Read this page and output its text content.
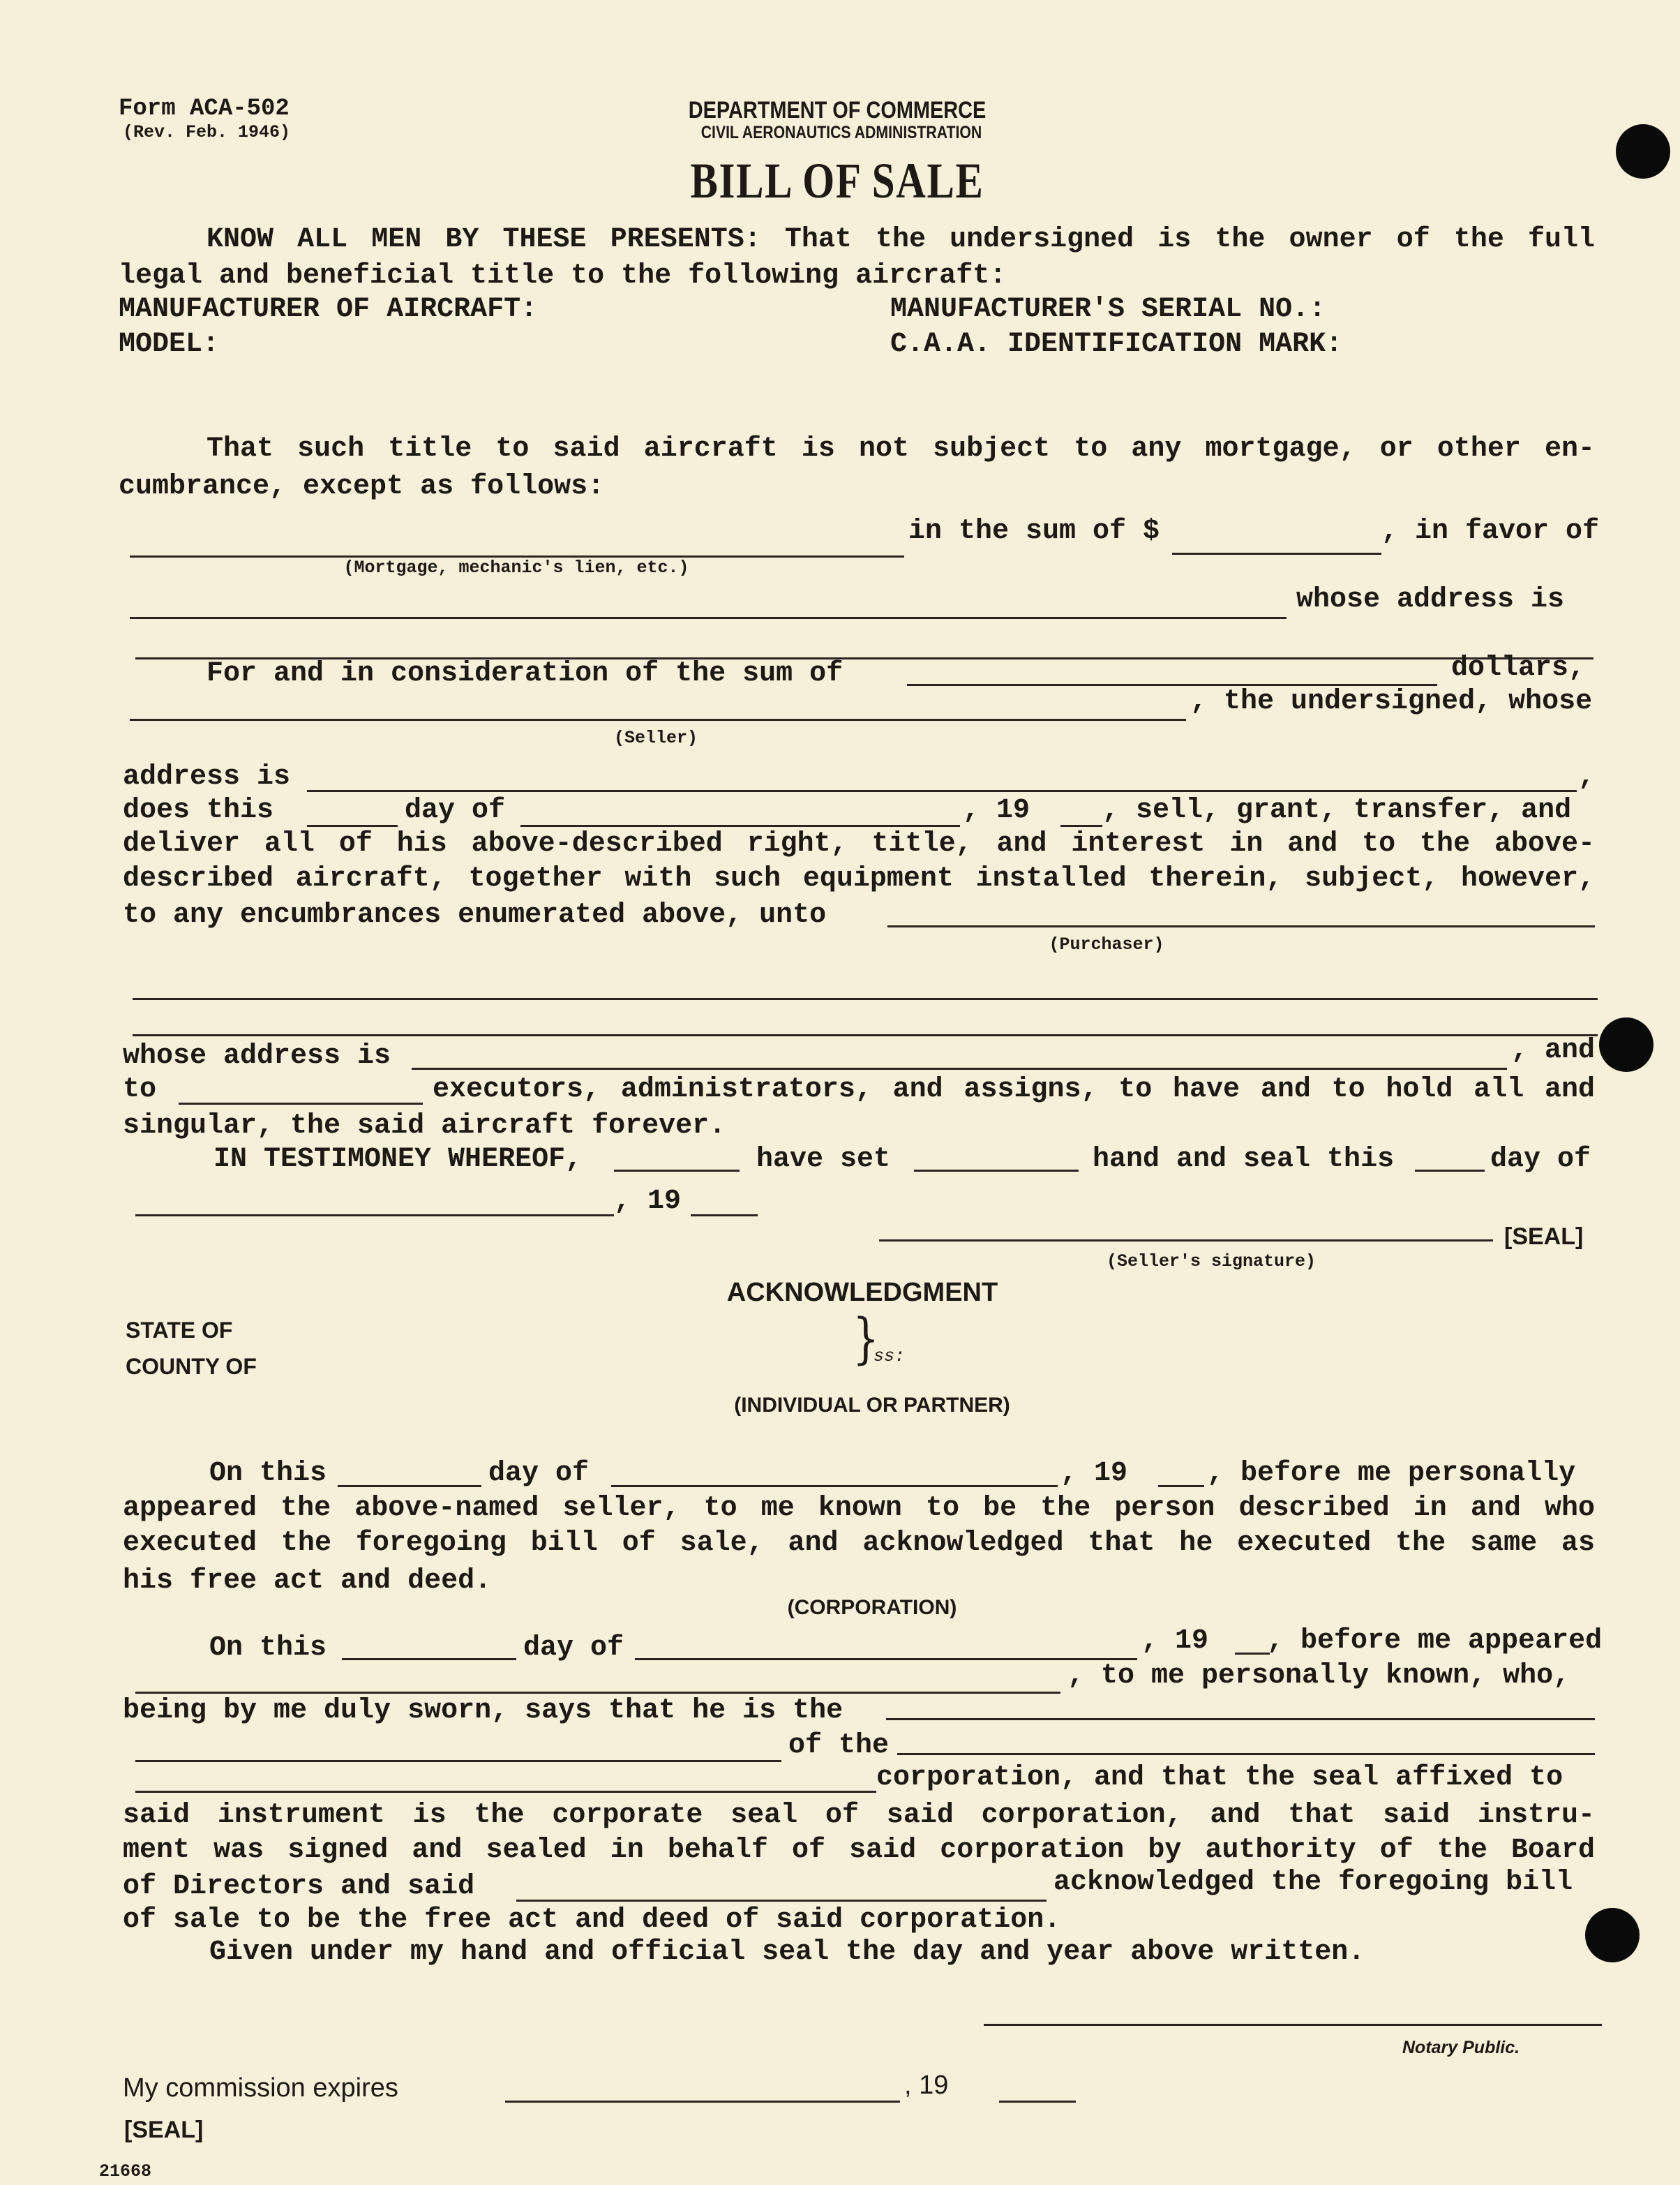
Form ACA-502
(Rev. Feb. 1946)
DEPARTMENT OF COMMERCE
CIVIL AERONAUTICS ADMINISTRATION
BILL OF SALE
KNOW ALL MEN BY THESE PRESENTS: That the undersigned is the owner of the full
legal and beneficial title to the following aircraft:
MANUFACTURER OF AIRCRAFT:	MANUFACTURER'S SERIAL NO.:
MODEL:	C.A.A. IDENTIFICATION MARK:
That such title to said aircraft is not subject to any mortgage, or other en-
cumbrance, except as follows:
in the sum of $	, in favor of
(Mortgage, mechanic's lien, etc.)
whose address is
For and in consideration of the sum of	dollars,
, the undersigned, whose
(Seller)
address is	,
does this	day of	, 19	, sell, grant, transfer, and
deliver all of his above-described right, title, and interest in and to the above-
described aircraft, together with such equipment installed therein, subject, however,
to any encumbrances enumerated above, unto
(Purchaser)
whose address is	, and
to	executors, administrators, and assigns, to have and to hold all and
singular, the said aircraft forever.
IN TESTIMONEY WHEREOF,	have set	hand and seal this	day of
, 19
[SEAL]
(Seller's signature)
ACKNOWLEDGMENT
STATE OF
COUNTY OF	}
ss:
(INDIVIDUAL OR PARTNER)
On this	day of	, 19	, before me personally
appeared the above-named seller, to me known to be the person described in and who
executed the foregoing bill of sale, and acknowledged that he executed the same as
his free act and deed.
(CORPORATION)
On this	day of	, 19 , before me appeared
, to me personally known, who,
being by me duly sworn, says that he is the
of the
corporation, and that the seal affixed to
said instrument is the corporate seal of said corporation, and that said instru-
ment was signed and sealed in behalf of said corporation by authority of the Board
of Directors and said	acknowledged the foregoing bill
of sale to be the free act and deed of said corporation.
Given under my hand and official seal the day and year above written.
Notary Public.
My commission expires	, 19
[SEAL]
21668
